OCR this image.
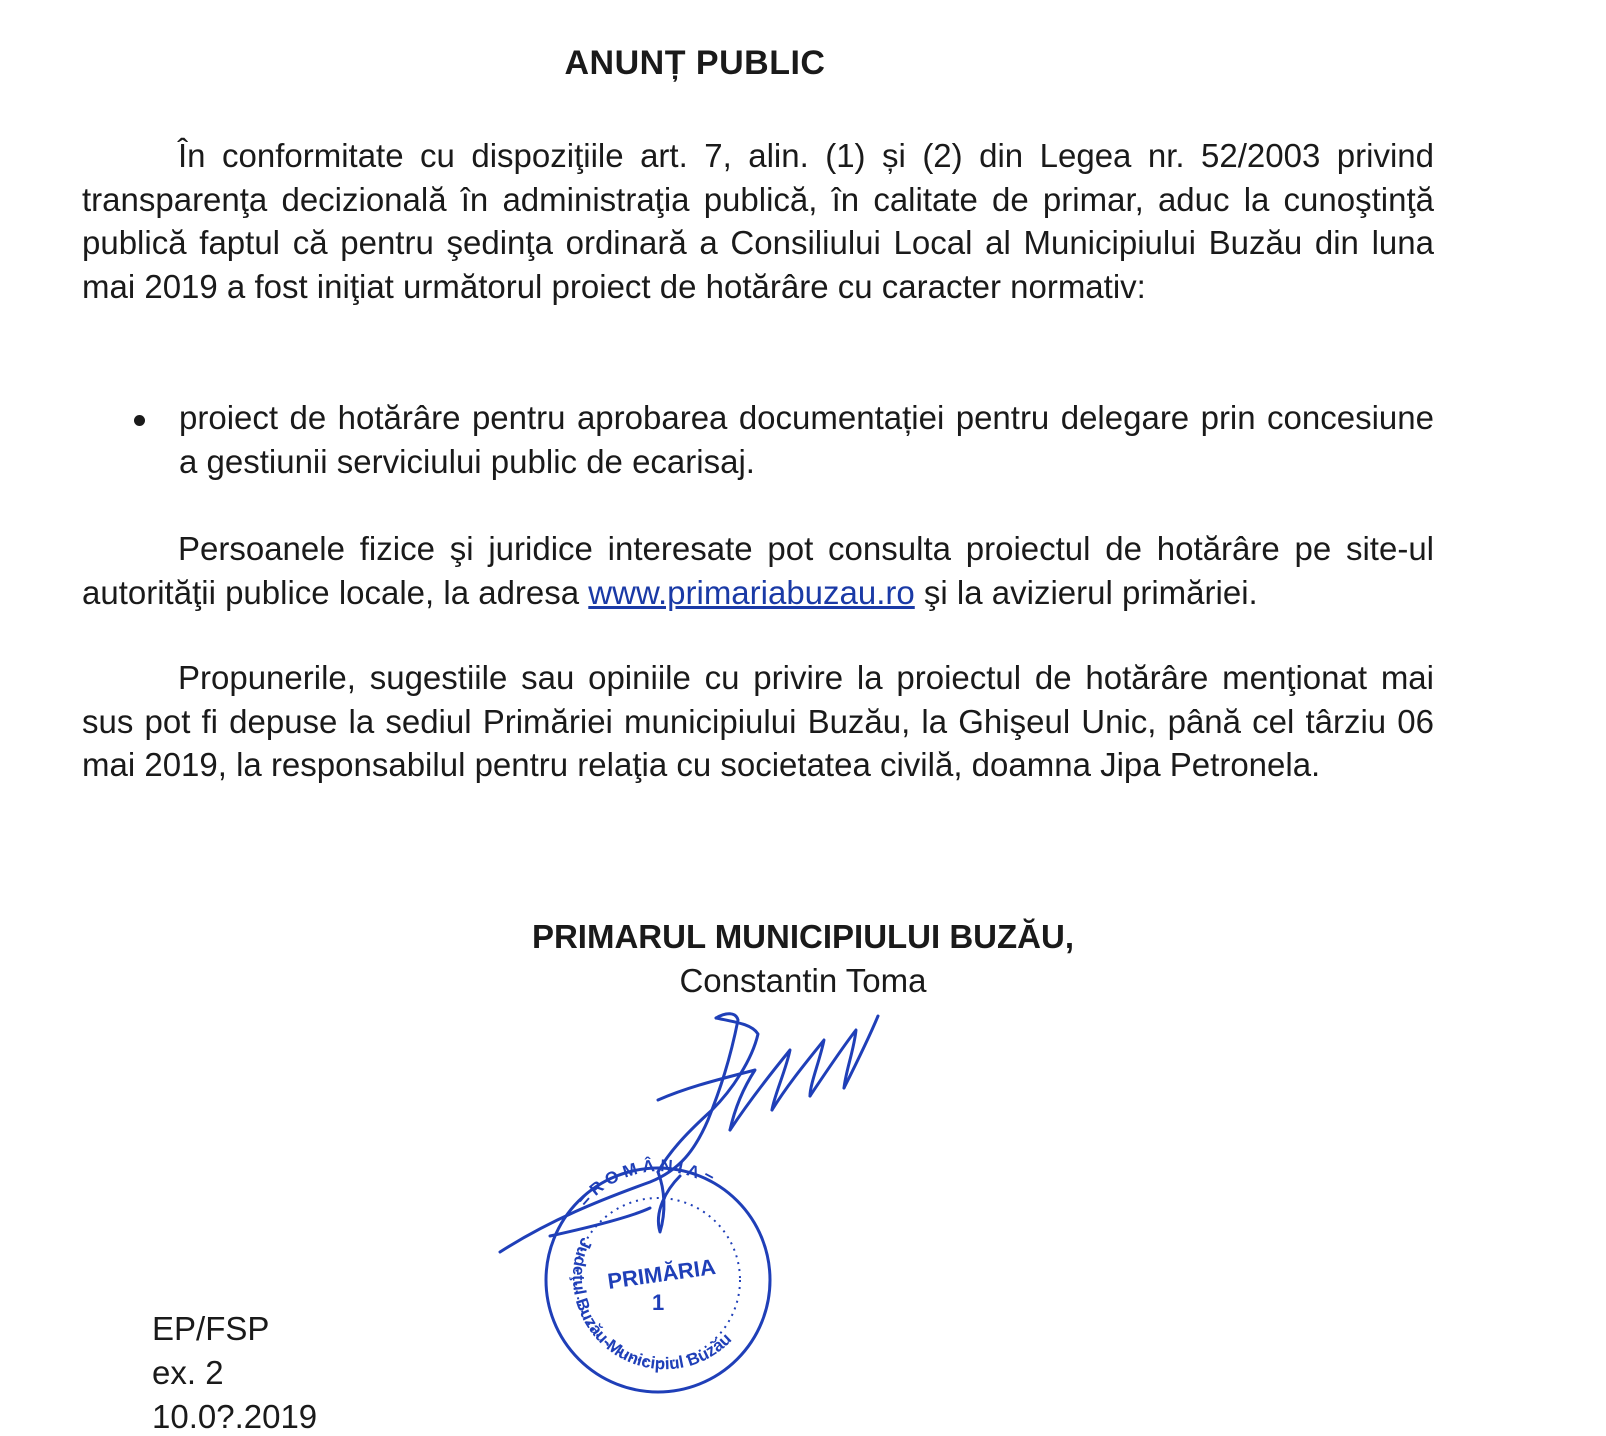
ANUNȚ PUBLIC
În conformitate cu dispoziţiile art. 7, alin. (1) și (2) din Legea nr. 52/2003 privind transparenţa decizională în administraţia publică, în calitate de primar, aduc la cunoştinţă publică faptul că pentru şedinţa ordinară a Consiliului Local al Municipiului Buzău din luna mai 2019 a fost iniţiat următorul proiect de hotărâre cu caracter normativ:
proiect de hotărâre pentru aprobarea documentației pentru delegare prin concesiune a gestiunii serviciului public de ecarisaj.
Persoanele fizice şi juridice interesate pot consulta proiectul de hotărâre pe site-ul autorităţii publice locale, la adresa www.primariabuzau.ro şi la avizierul primăriei.
Propunerile, sugestiile sau opiniile cu privire la proiectul de hotărâre menţionat mai sus pot fi depuse la sediul Primăriei municipiului Buzău, la Ghişeul Unic, până cel târziu 06 mai 2019, la responsabilul pentru relaţia cu societatea civilă, doamna Jipa Petronela.
PRIMARUL MUNICIPIULUI BUZĂU,
Constantin Toma
PRIMĂRIA
1
= R O M Â N I A =
Judeţul Buzău-Municipiul Buzău
EP/FSP
ex. 2
10.0?.2019
